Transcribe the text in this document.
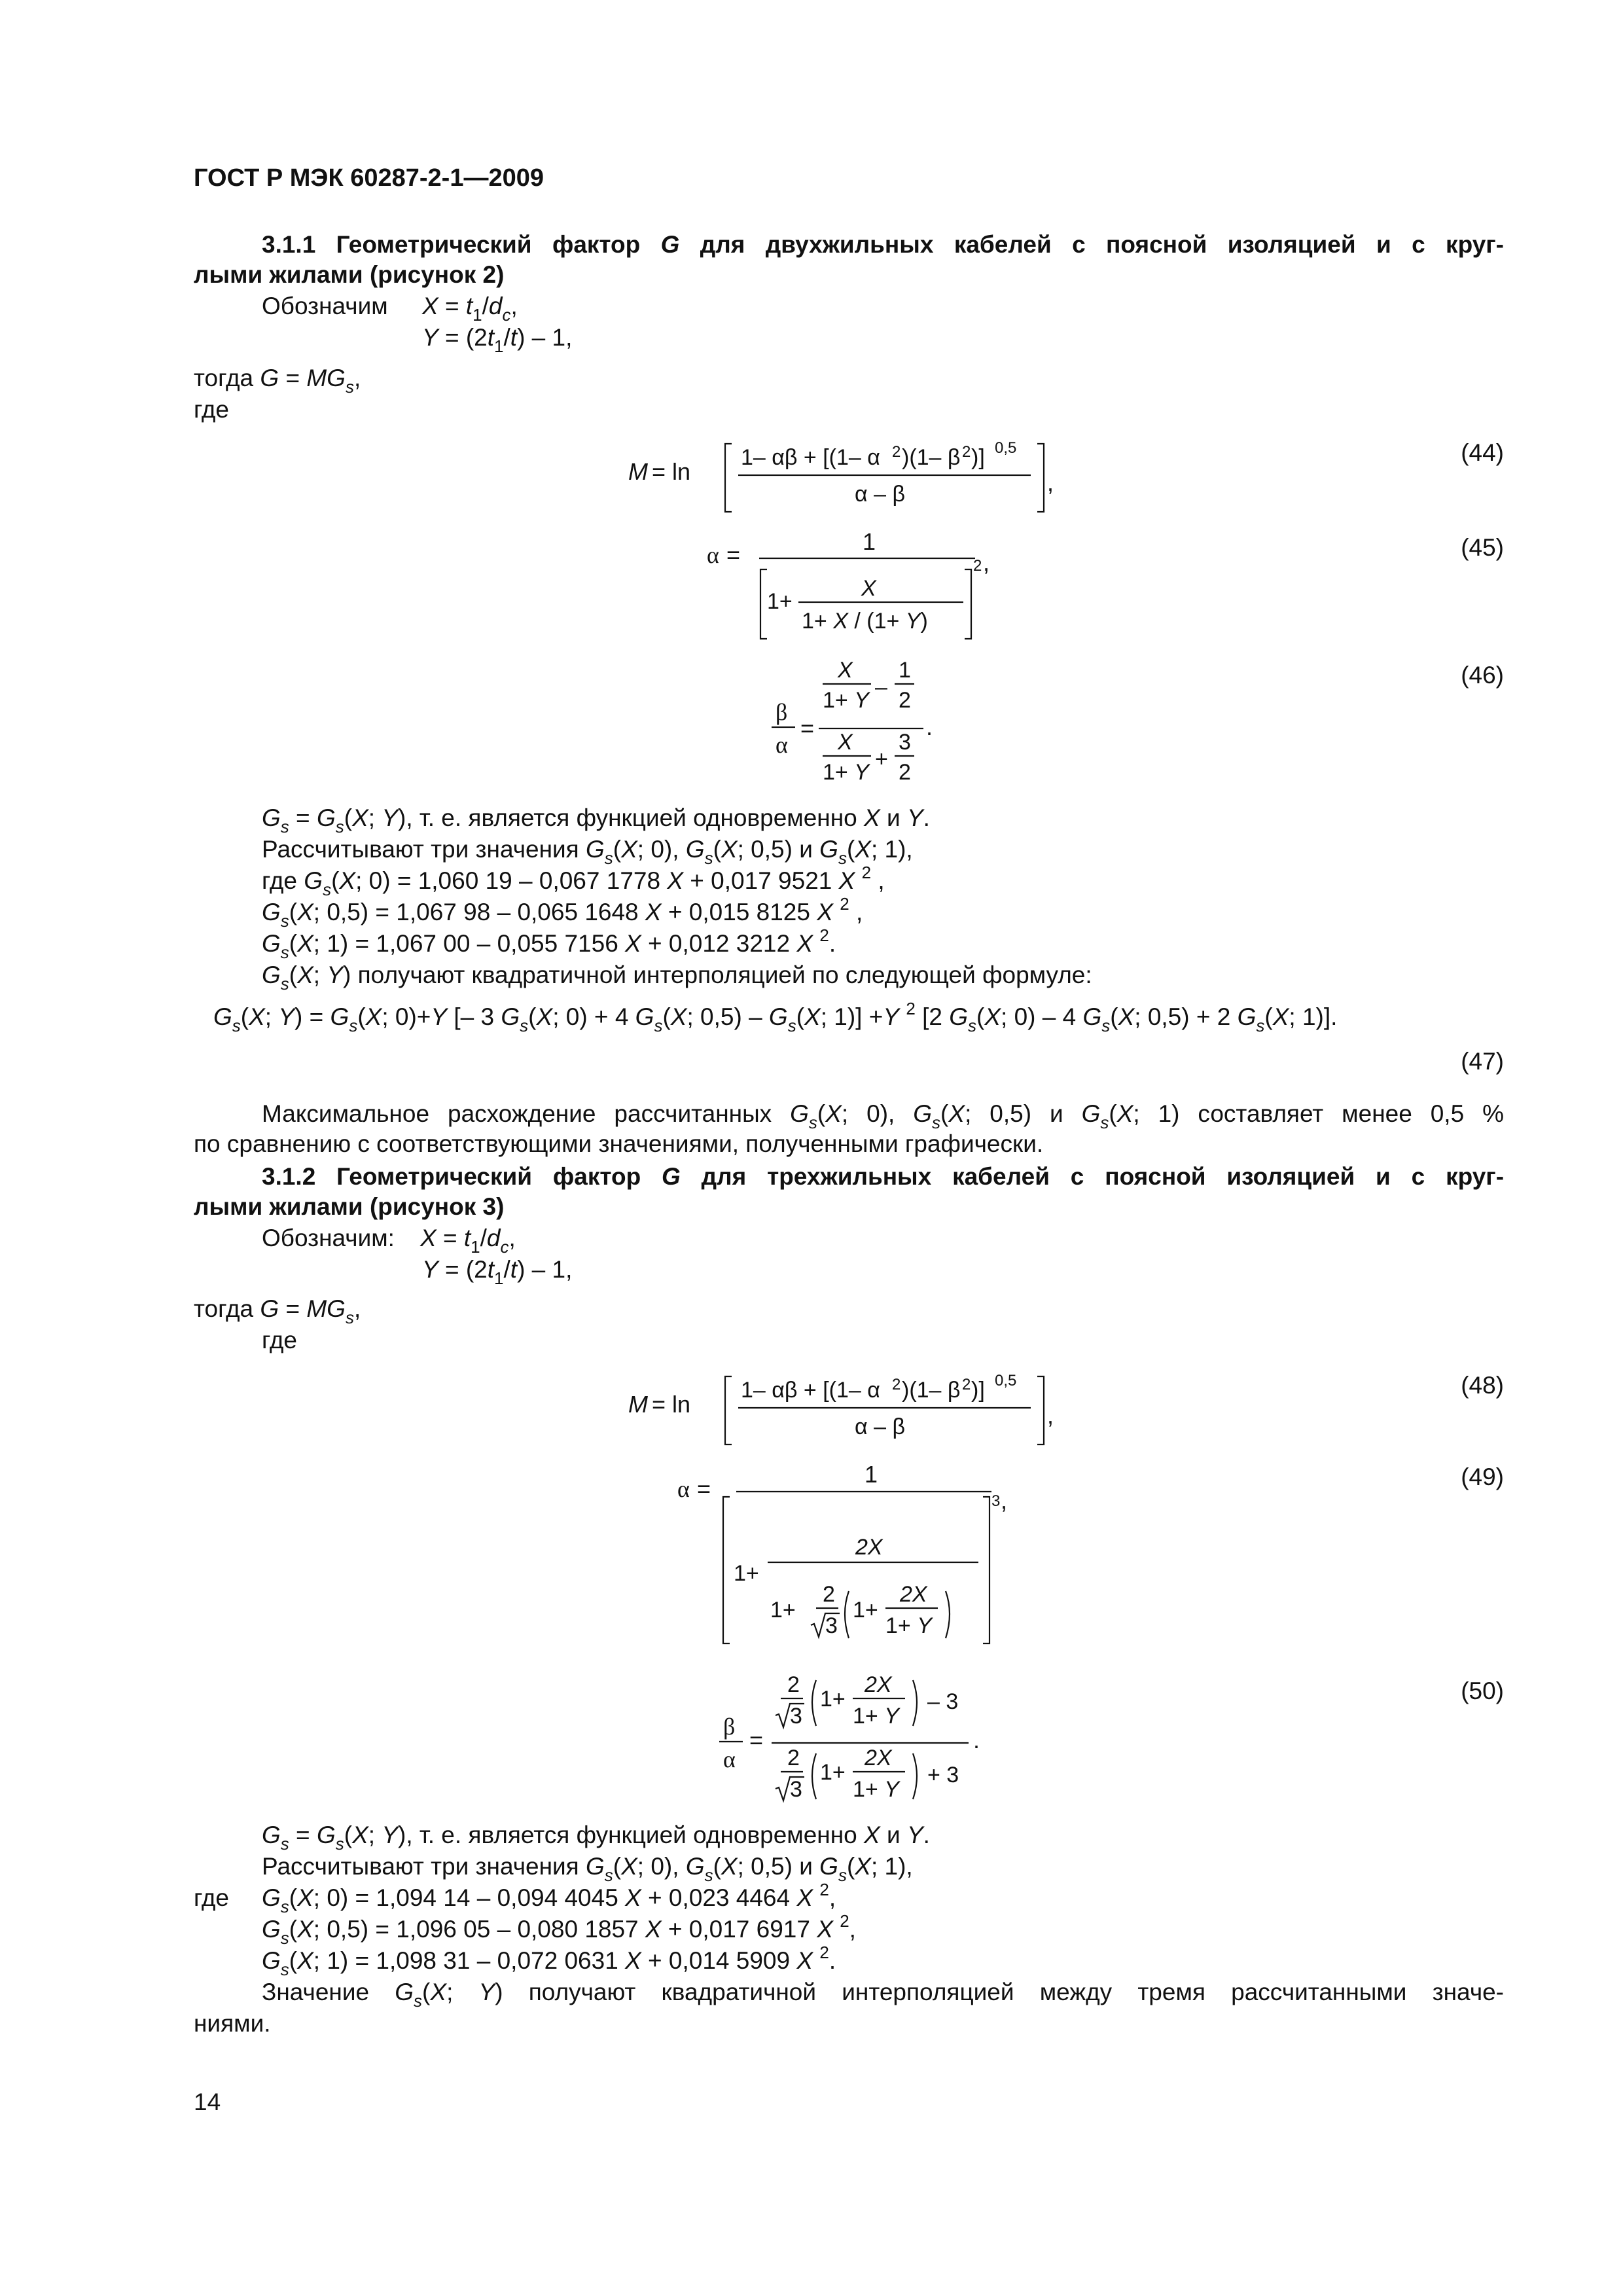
ГОСТ Р МЭК 60287-2-1—2009
3.1.1 Геометрический фактор G для двухжильных кабелей с поясной изоляцией и с круг-
лыми жилами (рисунок 2)
Обозначим $X = t_1/d_c$,
$Y = (2t_1/t) - 1$,
тогда $G = MG_s$,
где
M = ln
1– αβ + [(1– α 2 )(1– β 2 )] 0,5
α – β	,
(44)
α =	1
1+
X
1+ X / (1+ Y)
2 ,
(45)
β
α
=
X
1+ Y
–
1
2
X
1+ Y
+
3
2
.
(46)
$G_s = G_s(X$; Y), т. е. является функцией одновременно X и Y.
Рассчитывают три значения $G_s(X$; 0), $G_s(X$; 0,5) и $G_s(X$; 1),
где $G_s(X$; 0) = 1,060 19 – 0,067 1778 X + 0,017 9521 X $^2$ ,
$G_s(X$; 0,5) = 1,067 98 – 0,065 1648 X + 0,015 8125 X $^2$ ,
$G_s(X$; 1) = 1,067 00 – 0,055 7156 X + 0,012 3212 X $^2$.
$G_s(X$; Y) получают квадратичной интерполяцией по следующей формуле:
$G_s(X$; $Y) = G_s(X$; 0)+Y [– 3 $G_s(X$; 0) + 4 $G_s(X$; $0,5) - G_s(X$; 1)] +Y $^2$ [2 $G_s(X$; 0) – 4 $G_s(X$; 0,5) + 2 $G_s(X$; 1)].
(47)
Максимальное расхождение рассчитанных $G_s(X$; 0), $G_s(X$; 0,5) и $G_s(X$; 1) составляет менее 0,5 %
по сравнению с соответствующими значениями, полученными графически.
3.1.2 Геометрический фактор G для трехжильных кабелей с поясной изоляцией и с круг-
лыми жилами (рисунок 3)
Обозначим: $X = t_1/d_c$,
$Y = (2t_1/t) - 1$,
тогда $G = MG_s$,
где
M = ln
1– αβ + [(1– α 2 )(1– β 2 )] 0,5
α – β	,
(48)
α =
1
1+
2X
1+
2
3
1+
2X
1+ Y
3 ,
(49)
β
α
=
2
3
1+
2X
1+ Y
– 3
2
3
1+
2X
1+ Y
+ 3
.
(50)
$G_s = G_s(X$; Y), т. е. является функцией одновременно X и Y.
Рассчитывают три значения $G_s(X$; 0), $G_s(X$; 0,5) и $G_s(X$; 1),
где $G_s(X$; 0) = 1,094 14 – 0,094 4045 X + 0,023 4464 X $^2$,
$G_s(X$; 0,5) = 1,096 05 – 0,080 1857 X + 0,017 6917 X $^2$,
$G_s(X$; 1) = 1,098 31 – 0,072 0631 X + 0,014 5909 X $^2$.
Значение $G_s(X$; Y) получают квадратичной интерполяцией между тремя рассчитанными значе-
ниями.
14
